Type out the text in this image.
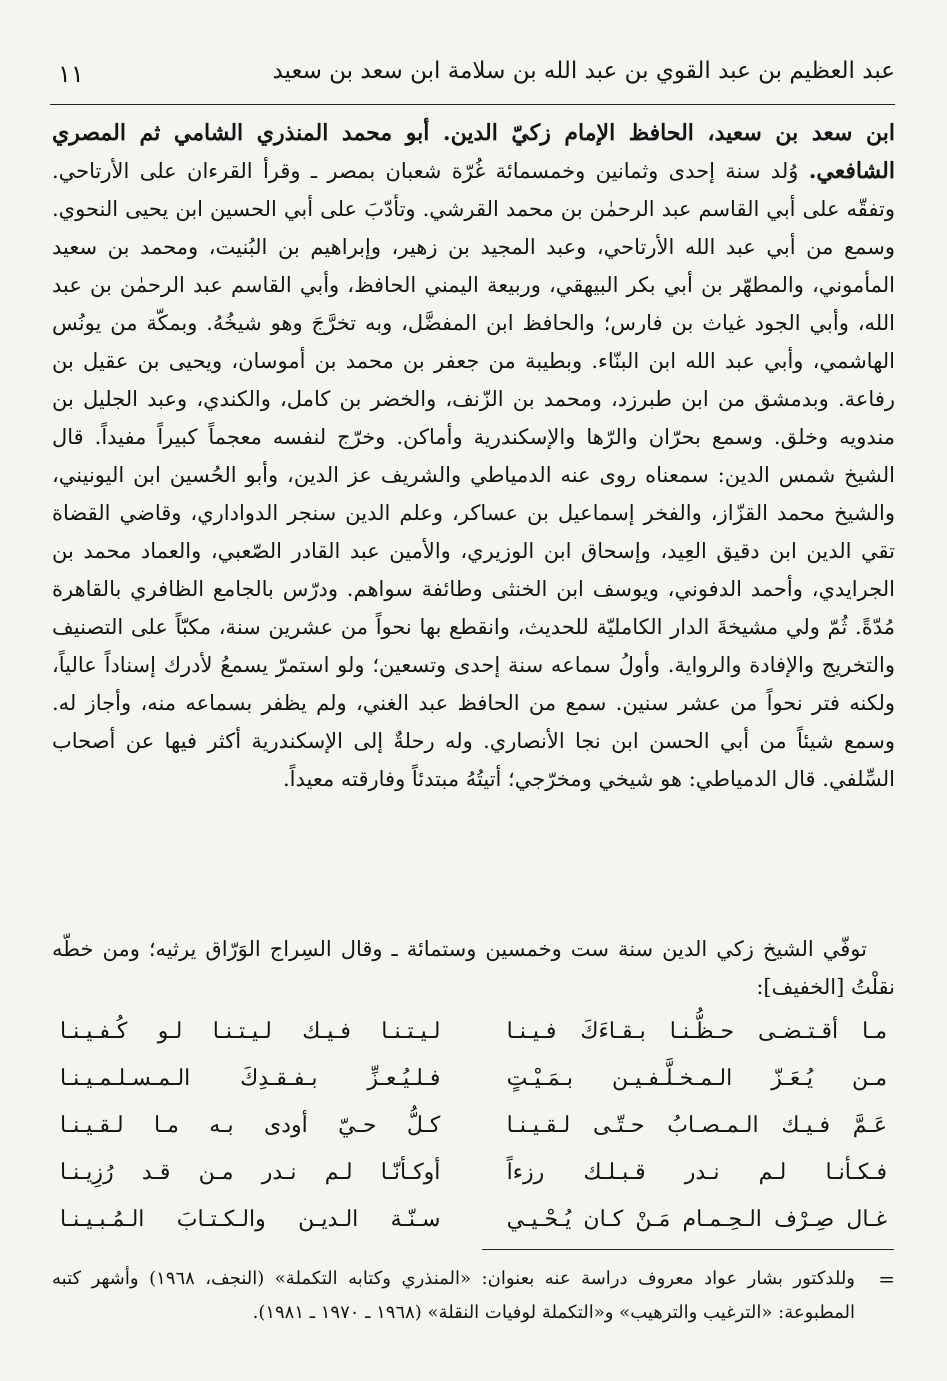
عبد العظيم بن عبد القوي بن عبد الله بن سلامة ابن سعد بن سعيد
١١

ابن سعد بن سعيد، الحافظ الإمام زكيّ الدين. أبو محمد المنذري الشامي ثم المصري الشافعي. وُلد سنة إحدى وثمانين وخمسمائة غُرّة شعبان بمصر ـ وقرأ القرءان على الأرتاحي. وتفقّه على أبي القاسم عبد الرحمٰن بن محمد القرشي. وتأدّبَ على أبي الحسين ابن يحيى النحوي. وسمع من أبي عبد الله الأرتاحي، وعبد المجيد بن زهير، وإبراهيم بن البُنيت، ومحمد بن سعيد المأموني، والمطهّر بن أبي بكر البيهقي، وربيعة اليمني الحافظ، وأبي القاسم عبد الرحمٰن بن عبد الله، وأبي الجود غياث بن فارس؛ والحافظ ابن المفضَّل، وبه تخرَّجَ وهو شيخُهُ. وبمكّة من يونُس الهاشمي، وأبي عبد الله ابن البنّاء. وبطيبة من جعفر بن محمد بن أموسان، ويحيى بن عقيل بن رفاعة. وبدمشق من ابن طبرزد، ومحمد بن الزّنف، والخضر بن كامل، والكندي، وعبد الجليل بن مندويه وخلق. وسمع بحرّان والرّها والإسكندرية وأماكن. وخرّج لنفسه معجماً كبيراً مفيداً. قال الشيخ شمس الدين: سمعناه روى عنه الدمياطي والشريف عز الدين، وأبو الحُسين ابن اليونيني، والشيخ محمد القزّاز، والفخر إسماعيل بن عساكر، وعلم الدين سنجر الدواداري، وقاضي القضاة تقي الدين ابن دقيق العِيد، وإسحاق ابن الوزيري، والأمين عبد القادر الصّعبي، والعماد محمد بن الجرايدي، وأحمد الدفوني، ويوسف ابن الخنثى وطائفة سواهم. ودرّس بالجامع الظافري بالقاهرة مُدّةً. ثُمّ ولي مشيخةَ الدار الكامليّة للحديث، وانقطع بها نحواً من عشرين سنة، مكبّاً على التصنيف والتخريج والإفادة والرواية. وأولُ سماعه سنة إحدى وتسعين؛ ولو استمرّ يسمعُ لأدرك إسناداً عالياً، ولكنه فتر نحواً من عشر سنين. سمع من الحافظ عبد الغني، ولم يظفر بسماعه منه، وأجاز له. وسمع شيئاً من أبي الحسن ابن نجا الأنصاري. وله رحلةٌ إلى الإسكندرية أكثر فيها عن أصحاب السِّلفي. قال الدمياطي: هو شيخي ومخرّجي؛ أتيتُهُ مبتدئاً وفارقته معيداً.

توفّي الشيخ زكي الدين سنة ست وخمسين وستمائة ـ وقال السِراج الوَرّاق يرثيه؛ ومن خطّه نقلْتُ [الخفيف]:

مـا أقـتـضـى حـظُّـنـا بـقـاءَكَ فـيـنـا
لـيـتـنـا فـيـك لـيـتـنـا لـو كُـفـيـنـا
مـن يُـعَـزّ الـمـخـلَّـفـيـن بـمَـيْـتٍ
فـلـيُـعـزِّ بـفـقـدِكَ الـمـسـلـمـيـنـا
عَـمَّ فـيـك الـمـصـابُ حـتّـى لـقـيـنـا
كـلُّ حـيّ أودى بـه مـا لـقـيـنـا
فـكـأنـا لـم نـدر قـبـلـك رزءاً
أوكـأنّـا لـم نـدر مـن قـد رُزِيـنـا
غـال صِـرْف الـحِـمـام مَـنْ كـان يُـحْـيـي
سـنّـة الـديـن والـكـتـابَ الـمُـبـيـنـا
=

وللدكتور بشار عواد معروف دراسة عنه بعنوان: «المنذري وكتابه التكملة» (النجف، ١٩٦٨) وأشهر كتبه المطبوعة: «الترغيب والترهيب» و«التكملة لوفيات النقلة» (١٩٦٨ ـ ١٩٧٠ ـ ١٩٨١).
